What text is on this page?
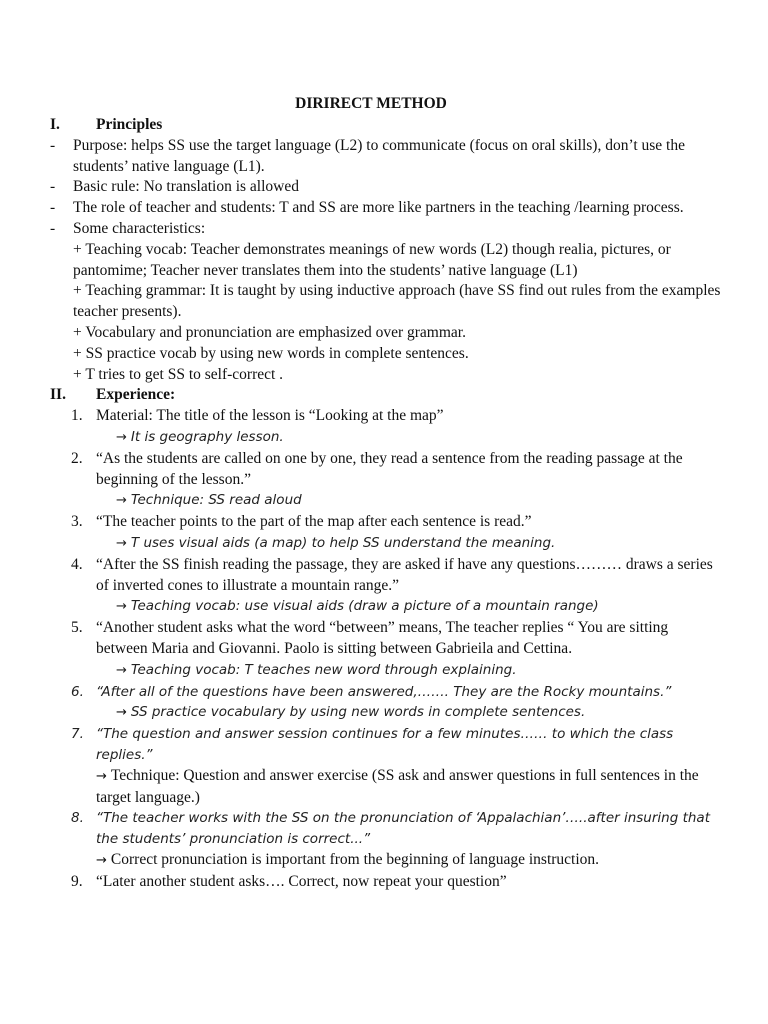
DIRIRECT METHOD
I. Principles
- Purpose: helps SS use the target language (L2) to communicate (focus on oral skills), don’t use the students’ native language (L1).
- Basic rule: No translation is allowed
- The role of teacher and students: T and SS are more like partners in the teaching /learning process.
- Some characteristics:
+ Teaching vocab: Teacher demonstrates meanings of new words (L2) though realia, pictures, or pantomime; Teacher never translates them into the students’ native language (L1)
+ Teaching grammar: It is taught by using inductive approach (have SS find out rules from the examples teacher presents).
+ Vocabulary and pronunciation are emphasized over grammar.
+ SS practice vocab by using new words in complete sentences.
+ T tries to get SS to self-correct .
II. Experience:
1. Material: The title of the lesson is “Looking at the map”
→ It is geography lesson.
2. “As the students are called on one by one, they read a sentence from the reading passage at the beginning of the lesson.”
→ Technique: SS read aloud
3. “The teacher points to the part of the map after each sentence is read.”
→ T uses visual aids (a map) to help SS understand the meaning.
4. “After the SS finish reading the passage, they are asked if have any questions……… draws a series of inverted cones to illustrate a mountain range.”
→ Teaching vocab: use visual aids (draw a picture of a mountain range)
5. “Another student asks what the word “between” means, The teacher replies “ You are sitting between Maria and Giovanni. Paolo is sitting between Gabrieila and Cettina.
→ Teaching vocab: T teaches new word through explaining.
6. “After all of the questions have been answered,……. They are the Rocky mountains.”
→ SS practice vocabulary by using new words in complete sentences.
7. “The question and answer session continues for a few minutes…… to which the class replies.”
→ Technique: Question and answer exercise (SS ask and answer questions in full sentences in the target language.)
8. “The teacher works with the SS on the pronunciation of ‘Appalachian’…..after insuring that the students’ pronunciation is correct...”
→ Correct pronunciation is important from the beginning of language instruction.
9. “Later another student asks…. Correct, now repeat your question”
